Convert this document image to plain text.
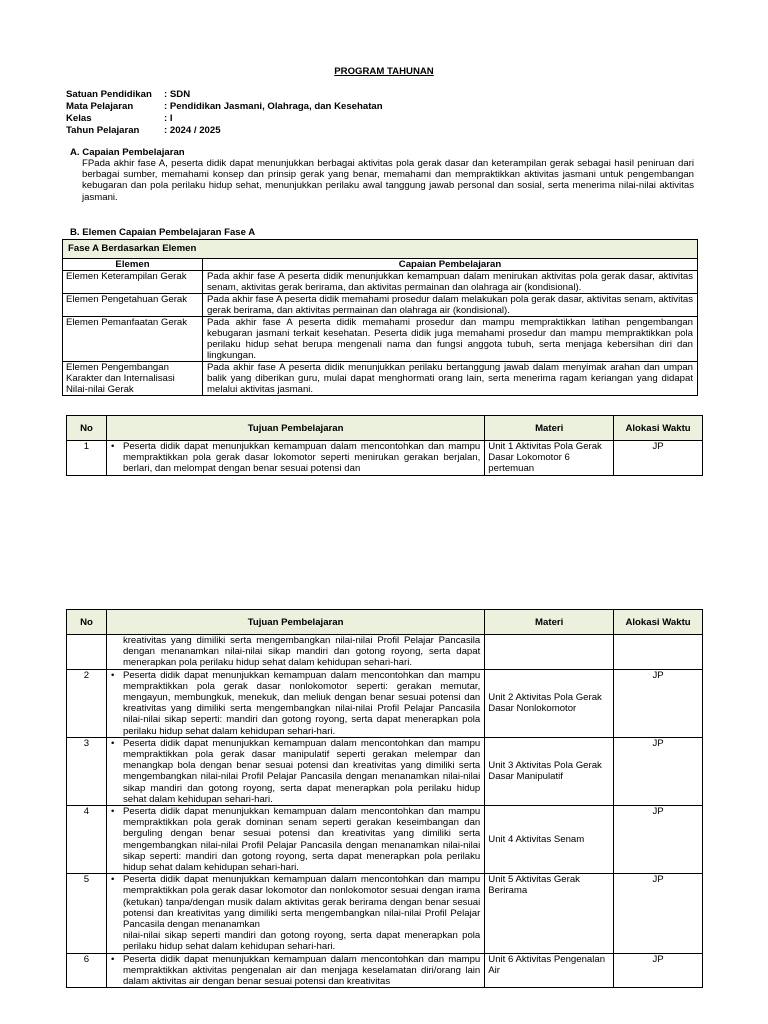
PROGRAM TAHUNAN
Satuan Pendidikan	: SDN
Mata Pelajaran	: Pendidikan Jasmani, Olahraga, dan Kesehatan
Kelas	: I
Tahun Pelajaran	: 2024 / 2025
A. Capaian Pembelajaran
FPada akhir fase A, peserta didik dapat menunjukkan berbagai aktivitas pola gerak dasar dan keterampilan gerak sebagai hasil peniruan dari berbagai sumber, memahami konsep dan prinsip gerak yang benar, memahami dan mempraktikkan aktivitas jasmani untuk pengembangan kebugaran dan pola perilaku hidup sehat, menunjukkan perilaku awal tanggung jawab personal dan sosial, serta menerima nilai-nilai aktivitas jasmani.
B. Elemen Capaian Pembelajaran Fase A
Fase A Berdasarkan Elemen	
Elemen	Capaian Pembelajaran
Elemen Keterampilan Gerak	Pada akhir fase A peserta didik menunjukkan kemampuan dalam menirukan aktivitas pola gerak dasar, aktivitas senam, aktivitas gerak berirama, dan aktivitas permainan dan olahraga air (kondisional).
Elemen Pengetahuan Gerak	Pada akhir fase A peserta didik memahami prosedur dalam melakukan pola gerak dasar, aktivitas senam, aktivitas gerak berirama, dan aktivitas permainan dan olahraga air (kondisional).
Elemen Pemanfaatan Gerak	Pada akhir fase A peserta didik memahami prosedur dan mampu mempraktikkan latihan pengembangan kebugaran jasmani terkait kesehatan. Peserta didik juga memahami prosedur dan mampu mempraktikkan pola perilaku hidup sehat berupa mengenali nama dan fungsi anggota tubuh, serta menjaga kebersihan diri dan lingkungan.
Elemen Pengembangan Karakter dan Internalisasi Nilai-nilai Gerak	Pada akhir fase A peserta didik menunjukkan perilaku bertanggung jawab dalam menyimak arahan dan umpan balik yang diberikan guru, mulai dapat menghormati orang lain, serta menerima ragam keriangan yang didapat melalui aktivitas jasmani.
No	Tujuan Pembelajaran	Materi	Alokasi Waktu
1	• Peserta didik dapat menunjukkan kemampuan dalam mencontohkan dan mampu mempraktikkan pola gerak dasar lokomotor seperti menirukan gerakan berjalan, berlari, dan melompat dengan benar sesuai potensi dan	Unit 1 Aktivitas Pola Gerak Dasar Lokomotor 6 pertemuan	JP
No	Tujuan Pembelajaran	Materi	Alokasi Waktu

	kreativitas yang dimiliki serta mengembangkan nilai-nilai Profil Pelajar Pancasila dengan menanamkan nilai-nilai sikap mandiri dan gotong royong, serta dapat menerapkan pola perilaku hidup sehat dalam kehidupan sehari-hari.		

2	• Peserta didik dapat menunjukkan kemampuan dalam mencontohkan dan mampu mempraktikkan pola gerak dasar nonlokomotor seperti: gerakan memutar, mengayun, membungkuk, menekuk, dan meliuk dengan benar sesuai potensi dan kreativitas yang dimiliki serta mengembangkan nilai-nilai Profil Pelajar Pancasila nilai-nilai sikap seperti: mandiri dan gotong royong, serta dapat menerapkan pola perilaku hidup sehat dalam kehidupan sehari-hari.	Unit 2 Aktivitas Pola Gerak Dasar Nonlokomotor	JP
3	• Peserta didik dapat menunjukkan kemampuan dalam mencontohkan dan mampu mempraktikkan pola gerak dasar manipulatif seperti gerakan melempar dan menangkap bola dengan benar sesuai potensi dan kreativitas yang dimiliki serta mengembangkan nilai-nilai Profil Pelajar Pancasila dengan menanamkan nilai-nilai sikap mandiri dan gotong royong, serta dapat menerapkan pola perilaku hidup sehat dalam kehidupan sehari-hari.	Unit 3 Aktivitas Pola Gerak Dasar Manipulatif	JP
4	• Peserta didik dapat menunjukkan kemampuan dalam mencontohkan dan mampu mempraktikkan pola gerak dominan senam seperti gerakan keseimbangan dan berguling dengan benar sesuai potensi dan kreativitas yang dimiliki serta mengembangkan nilai-nilai Profil Pelajar Pancasila dengan menanamkan nilai-nilai sikap seperti: mandiri dan gotong royong, serta dapat menerapkan pola perilaku hidup sehat dalam kehidupan sehari-hari.	Unit 4 Aktivitas Senam	JP
5	• Peserta didik dapat menunjukkan kemampuan dalam mencontohkan dan mampu mempraktikkan pola gerak dasar lokomotor dan nonlokomotor sesuai dengan irama (ketukan) tanpa/dengan musik dalam aktivitas gerak berirama dengan benar sesuai potensi dan kreativitas yang dimiliki serta mengembangkan nilai-nilai Profil Pelajar Pancasila dengan menanamkan
nilai-nilai sikap seperti mandiri dan gotong royong, serta dapat menerapkan pola perilaku hidup sehat dalam kehidupan sehari-hari.	Unit 5 Aktivitas Gerak Berirama	JP
6	• Peserta didik dapat menunjukkan kemampuan dalam mencontohkan dan mampu mempraktikkan aktivitas pengenalan air dan menjaga keselamatan diri/orang lain dalam aktivitas air dengan benar sesuai potensi dan kreativitas	Unit 6 Aktivitas Pengenalan Air	JP
